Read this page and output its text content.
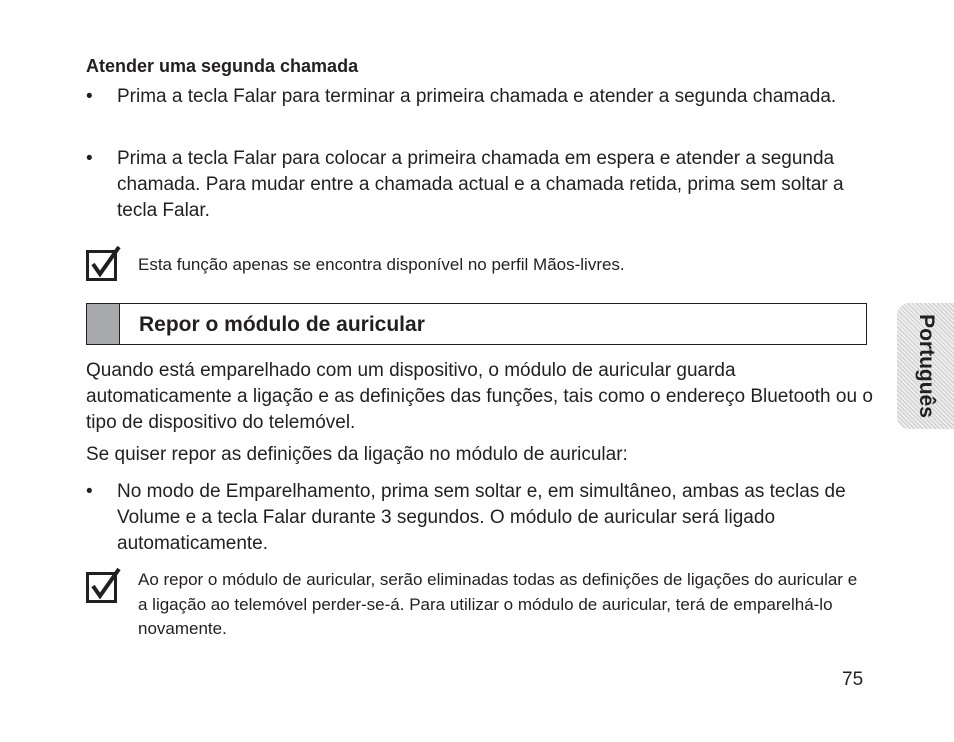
Atender uma segunda chamada
•	Prima a tecla Falar para terminar a primeira chamada e atender a segunda chamada.
•	Prima a tecla Falar para colocar a primeira chamada em espera e atender a segunda chamada. Para mudar entre a chamada actual e a chamada retida, prima sem soltar a tecla Falar.
Esta função apenas se encontra disponível no perfil Mãos-livres.
Repor o módulo de auricular
Quando está emparelhado com um dispositivo, o módulo de auricular guarda automaticamente a ligação e as definições das funções, tais como o endereço Bluetooth ou o tipo de dispositivo do telemóvel.
Se quiser repor as definições da ligação no módulo de auricular:
•	No modo de Emparelhamento, prima sem soltar e, em simultâneo, ambas as teclas de Volume e a tecla Falar durante 3 segundos. O módulo de auricular será ligado automaticamente.
Ao repor o módulo de auricular, serão eliminadas todas as definições de ligações do auricular e a ligação ao telemóvel perder-se-á. Para utilizar o módulo de auricular, terá de emparelhá-lo novamente.
Português
75
